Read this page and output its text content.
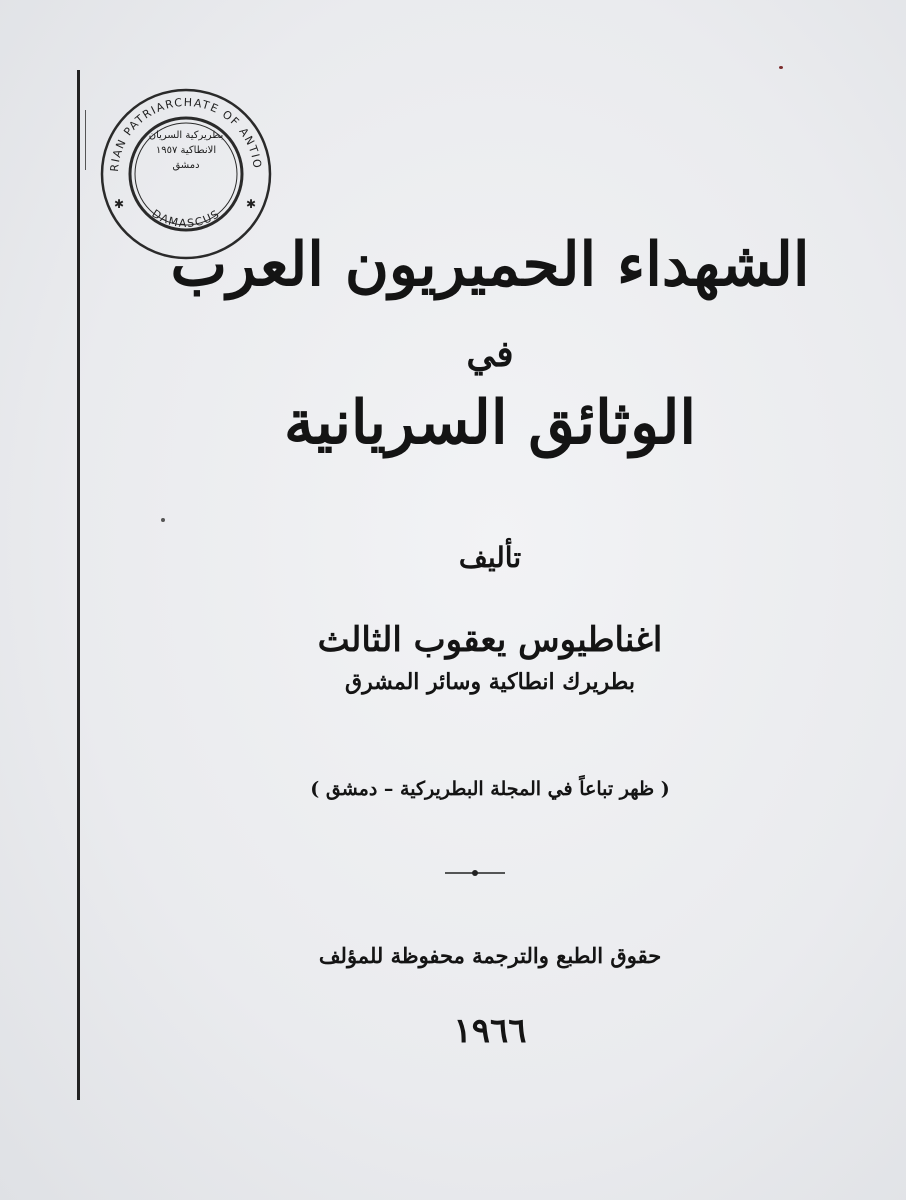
RIAN PATRIARCHATE OF ANTIO
DAMASCUS
✱	✱
بطريركية السريان
الانطاكية ١٩٥٧
دمشق
الشهداء الحميريون العرب
في
الوثائق السريانية
تأليف
اغناطيوس يعقوب الثالث
بطريرك انطاكية وسائر المشرق
( ظهر تباعاً في المجلة البطريركية – دمشق )
حقوق الطبع والترجمة محفوظة للمؤلف
١٩٦٦
